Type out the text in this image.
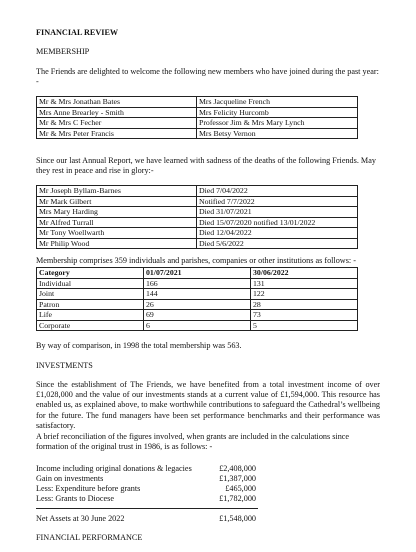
FINANCIAL REVIEW
MEMBERSHIP
The Friends are delighted to welcome the following new members who have joined during the past year: -
Mr & Mrs Jonathan Bates	Mrs Jacqueline French
Mrs Anne Brearley - Smith	Mrs Felicity Hurcomb
Mr & Mrs C Fecher	Professor Jim & Mrs Mary Lynch
Mr & Mrs Peter Francis	Mrs Betsy Vernon
Since our last Annual Report, we have learned with sadness of the deaths of the following Friends. May they rest in peace and rise in glory:-
Mr Joseph Byllam-Barnes	Died 7/04/2022
Mr Mark Gilbert	Notified 7/7/2022
Mrs Mary Harding	Died 31/07/2021
Mr Alfred Turrall	Died 15/07/2020 notified 13/01/2022
Mr Tony Woellwarth	Died 12/04/2022
Mr Philip Wood	Died 5/6/2022
Membership comprises 359 individuals and parishes, companies or other institutions as follows: -
Category	01/07/2021	30/06/2022
Individual	166	131
Joint	144	122
Patron	26	28
Life	69	73
Corporate	6	5
By way of comparison, in 1998 the total membership was 563.
INVESTMENTS
Since the establishment of The Friends, we have benefited from a total investment income of over £1,028,000 and the value of our investments stands at a current value of £1,594,000. This resource has enabled us, as explained above, to make worthwhile contributions to safeguard the Cathedral’s wellbeing for the future. The fund managers have been set performance benchmarks and their performance was satisfactory.
A brief reconciliation of the figures involved, when grants are included in the calculations since formation of the original trust in 1986, is as follows: -
Income including original donations & legacies	£2,408,000
Gain on investments	£1,387,000
Less: Expenditure before grants	£465,000
Less: Grants to Diocese	£1,782,000
Net Assets at 30 June 2022	£1,548,000
FINANCIAL PERFORMANCE
